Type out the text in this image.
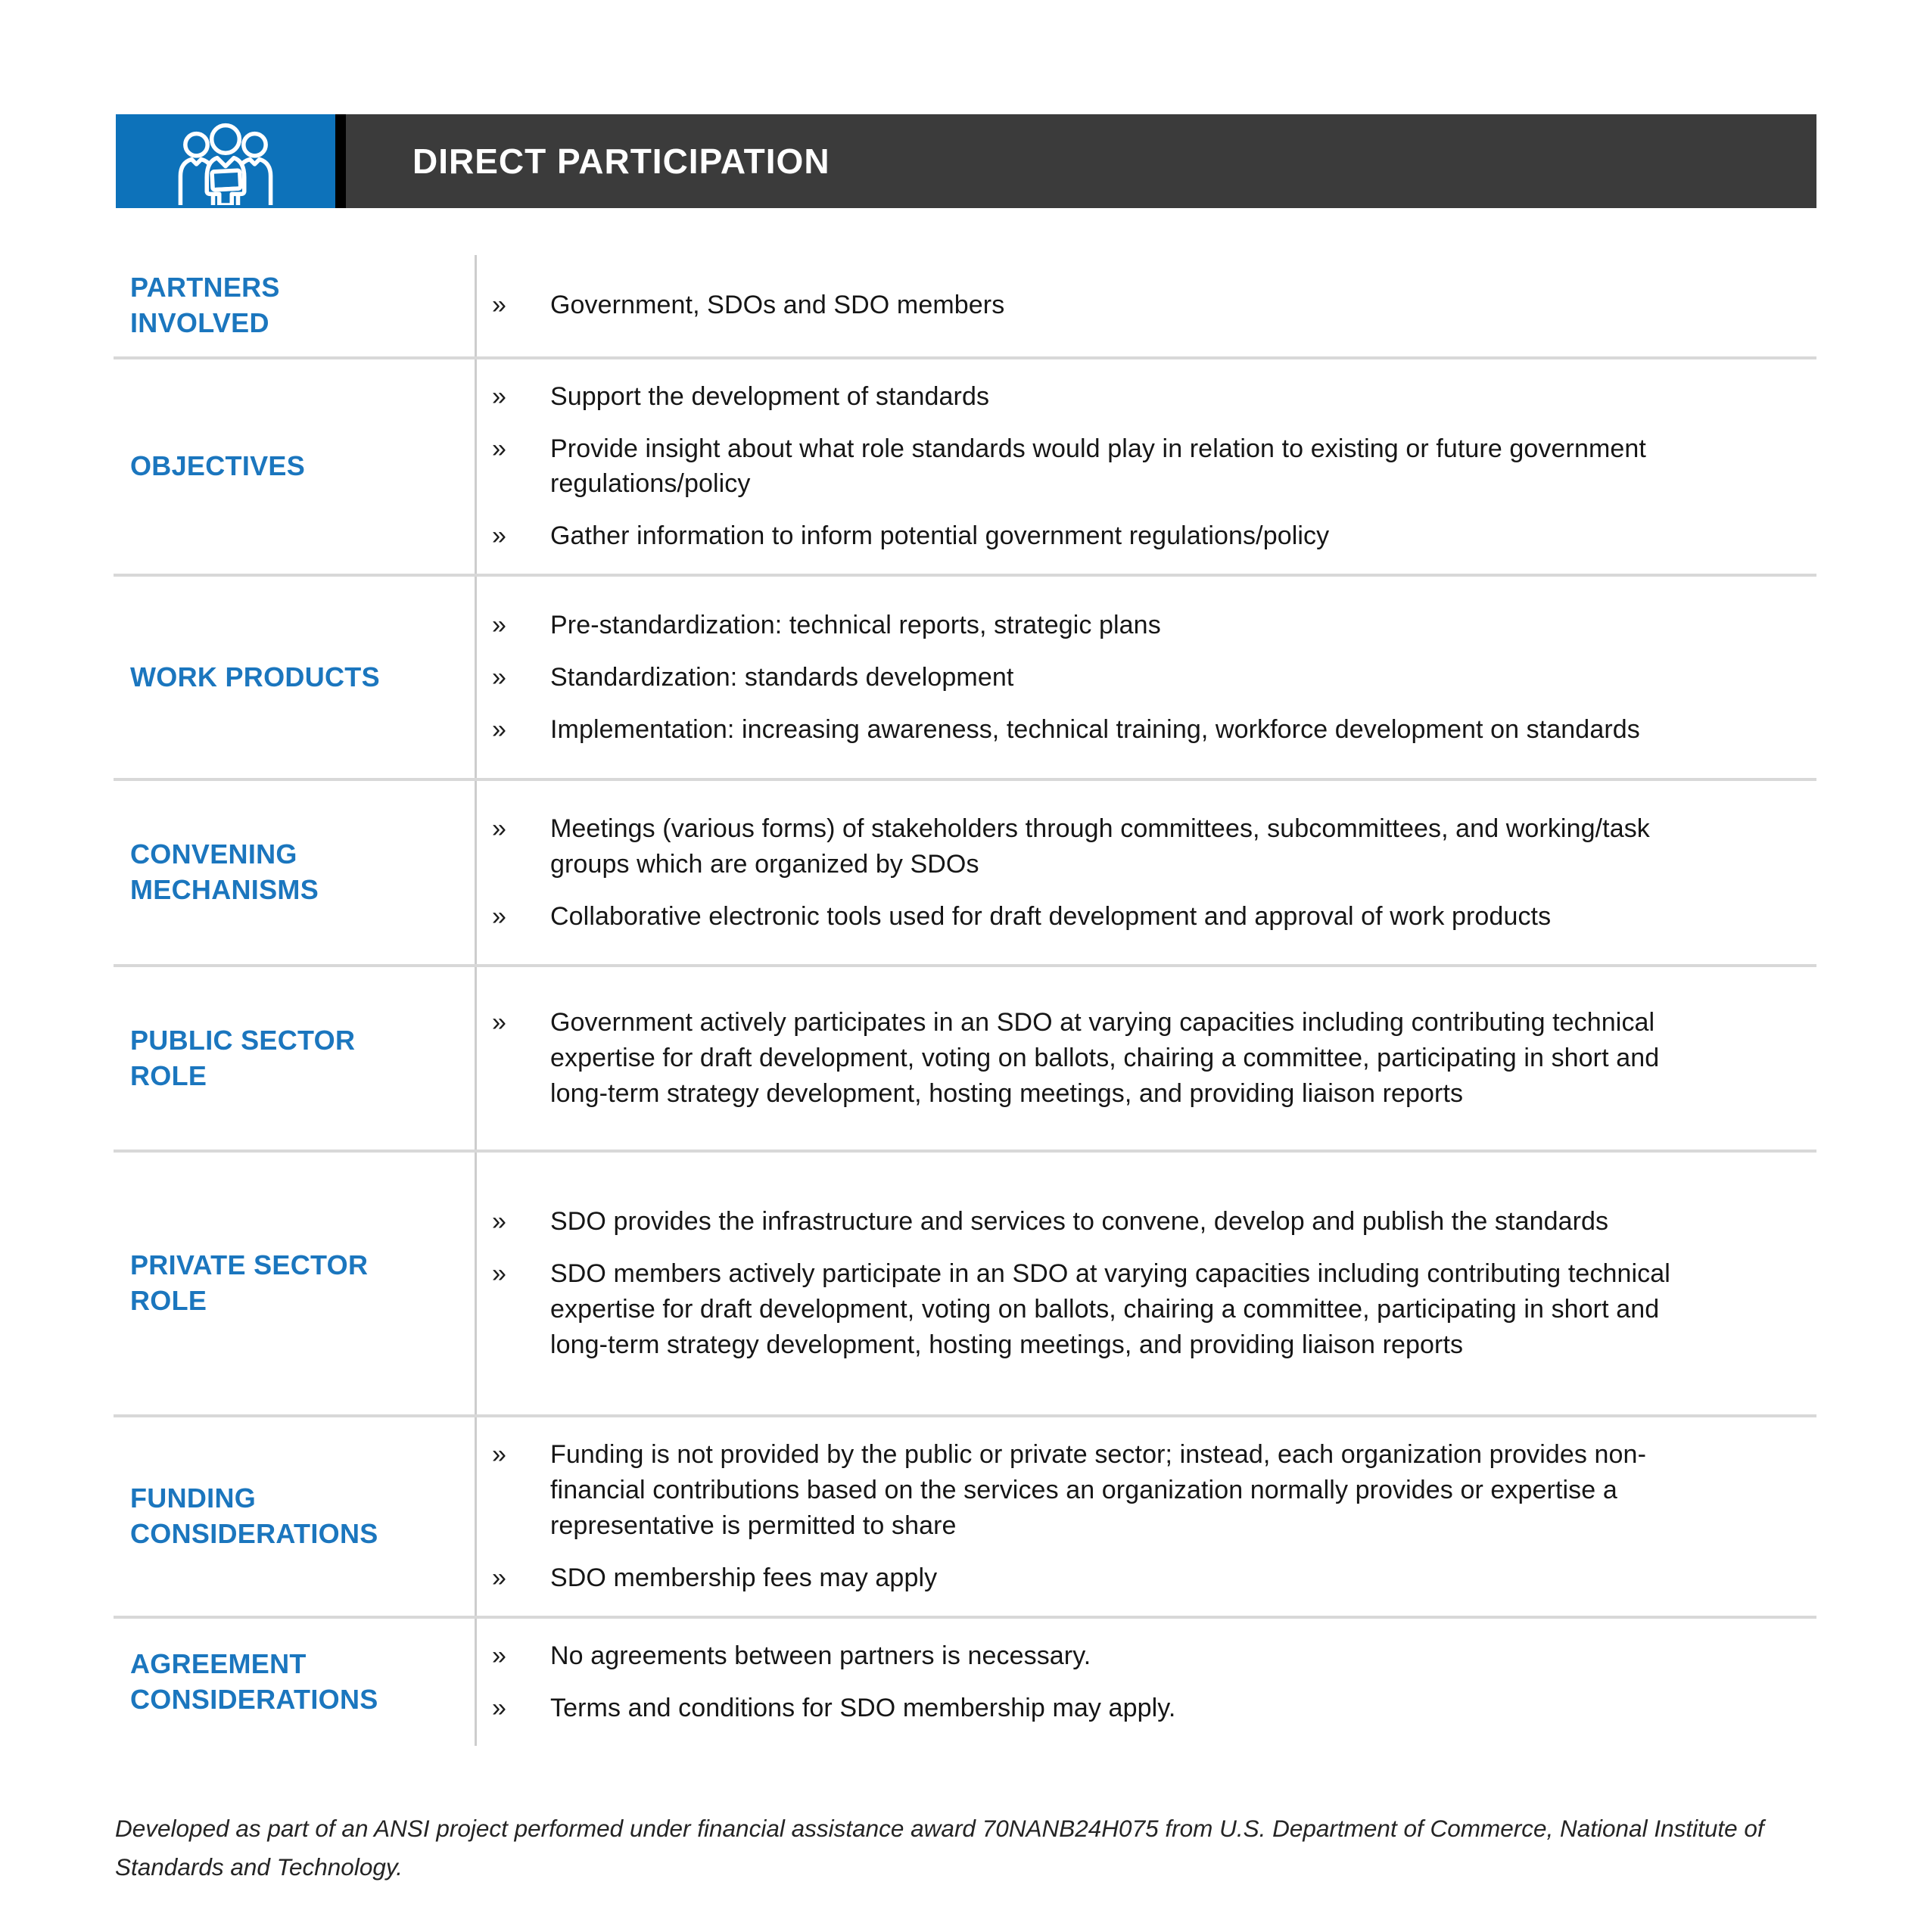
DIRECT PARTICIPATION
PARTNERS INVOLVED
»	Government, SDOs and SDO members
OBJECTIVES
»	Support the development of standards
»	Provide insight about what role standards would play in relation to existing or future government regulations/policy
»	Gather information to inform potential government regulations/policy
WORK PRODUCTS
»	Pre-standardization: technical reports, strategic plans
»	Standardization: standards development
»	Implementation: increasing awareness, technical training, workforce development on standards
CONVENING MECHANISMS
»	Meetings (various forms) of stakeholders through committees, subcommittees, and working/task groups which are organized by SDOs
»	Collaborative electronic tools used for draft development and approval of work products
PUBLIC SECTOR ROLE
»	Government actively participates in an SDO at varying capacities including contributing technical expertise for draft development, voting on ballots, chairing a committee, participating in short and long-term strategy development, hosting meetings, and providing liaison reports
PRIVATE SECTOR ROLE
»	SDO provides the infrastructure and services to convene, develop and publish the standards
»	SDO members actively participate in an SDO at varying capacities including contributing technical expertise for draft development, voting on ballots, chairing a committee, participating in short and long-term strategy development, hosting meetings, and providing liaison reports
FUNDING CONSIDERATIONS
»	Funding is not provided by the public or private sector; instead, each organization provides non-financial contributions based on the services an organization normally provides or expertise a representative is permitted to share
»	SDO membership fees may apply
AGREEMENT CONSIDERATIONS
»	No agreements between partners is necessary.
»	Terms and conditions for SDO membership may apply.
Developed as part of an ANSI project performed under financial assistance award 70NANB24H075 from U.S. Department of Commerce, National Institute of Standards and Technology.
